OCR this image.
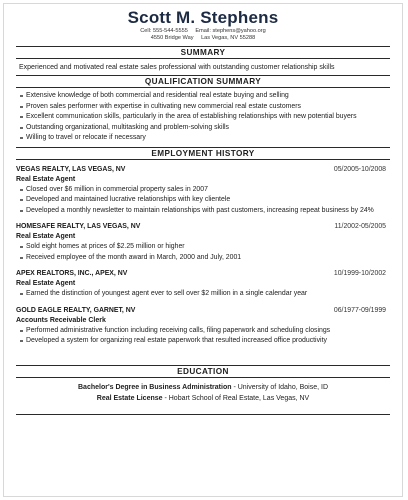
Scott M. Stephens
Cell: 555-544-5555 Email: stephens@yahoo.org
4550 Bridge Way Las Vegas, NV 55288
SUMMARY
Experienced and motivated real estate sales professional with outstanding customer relationship skills
QUALIFICATION SUMMARY
Extensive knowledge of both commercial and residential real estate buying and selling
Proven sales performer with expertise in cultivating new commercial real estate customers
Excellent communication skills, particularly in the area of establishing relationships with new potential buyers
Outstanding organizational, multitasking and problem-solving skills
Willing to travel or relocate if necessary
EMPLOYMENT HISTORY
VEGAS REALTY, LAS VEGAS, NV	05/2005-10/2008
Real Estate Agent
Closed over $6 million in commercial property sales in 2007
Developed and maintained lucrative relationships with key clientele
Developed a monthly newsletter to maintain relationships with past customers, increasing repeat business by 24%
HOMESAFE REALTY, LAS VEGAS, NV	11/2002-05/2005
Real Estate Agent
Sold eight homes at prices of $2.25 million or higher
Received employee of the month award in March, 2000 and July, 2001
APEX REALTORS, INC., APEX, NV	10/1999-10/2002
Real Estate Agent
Earned the distinction of youngest agent ever to sell over $2 million in a single calendar year
GOLD EAGLE REALTY, GARNET, NV	06/1977-09/1999
Accounts Receivable Clerk
Performed administrative function including receiving calls, filing paperwork and scheduling closings
Developed a system for organizing real estate paperwork that resulted increased office productivity
EDUCATION
Bachelor's Degree in Business Administration - University of Idaho, Boise, ID
Real Estate License - Hobart School of Real Estate, Las Vegas, NV
